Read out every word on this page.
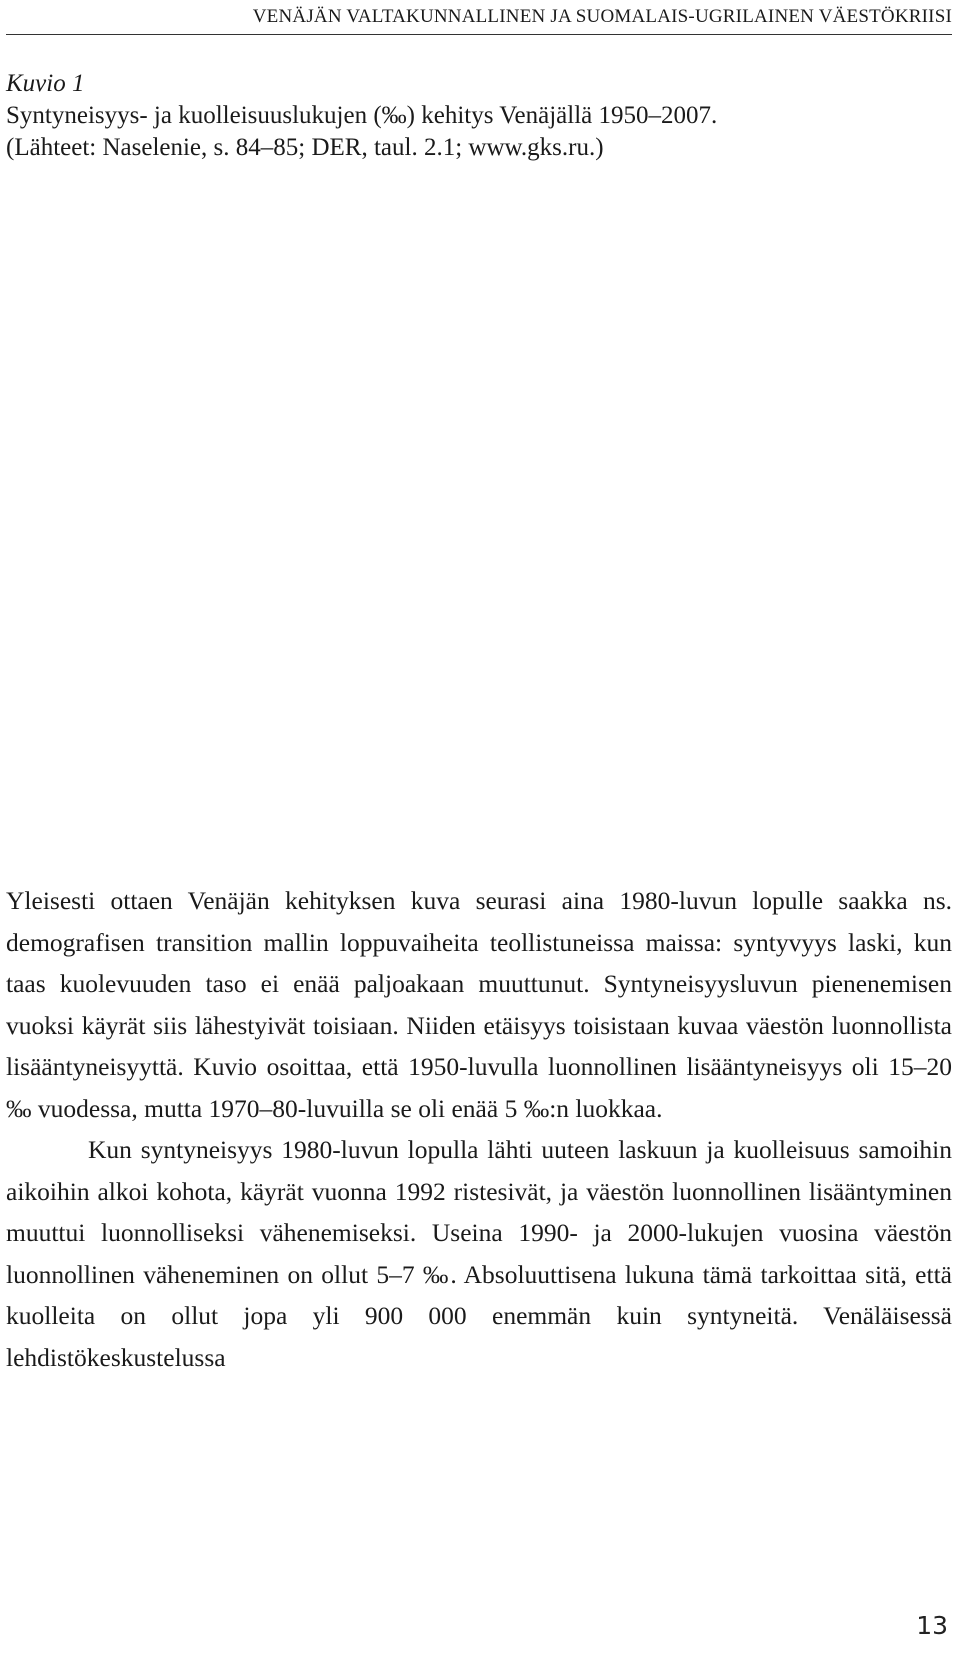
VENÄJÄN VALTAKUNNALLINEN JA SUOMALAIS-UGRILAINEN VÄESTÖKRIISI
Kuvio 1
Syntyneisyys- ja kuolleisuuslukujen (‰) kehitys Venäjällä 1950–2007.
(Lähteet: Naselenie, s. 84–85; DER, taul. 2.1; www.gks.ru.)

Yleisesti ottaen Venäjän kehityksen kuva seurasi aina 1980-luvun lopulle saakka ns. demografisen transition mallin loppuvaiheita teollistuneissa maissa: syntyvyys laski, kun taas kuolevuuden taso ei enää paljoakaan muuttunut. Syntyneisyysluvun pienenemisen vuoksi käyrät siis lähestyivät toisiaan. Niiden etäisyys toisistaan kuvaa väestön luonnollista lisääntyneisyyttä. Kuvio osoittaa, että 1950-luvulla luonnollinen lisääntyneisyys oli 15–20 ‰ vuodessa, mutta 1970–80-luvuilla se oli enää 5 ‰:n luokkaa.

Kun syntyneisyys 1980-luvun lopulla lähti uuteen laskuun ja kuolleisuus samoihin aikoihin alkoi kohota, käyrät vuonna 1992 ristesivät, ja väestön luonnollinen lisääntyminen muuttui luonnolliseksi vähenemiseksi. Useina 1990- ja 2000-lukujen vuosina väestön luonnollinen väheneminen on ollut 5–7 ‰. Absoluuttisena lukuna tämä tarkoittaa sitä, että kuolleita on ollut jopa yli 900 000 enemmän kuin syntyneitä. Venäläisessä lehdistökeskustelussa

13
